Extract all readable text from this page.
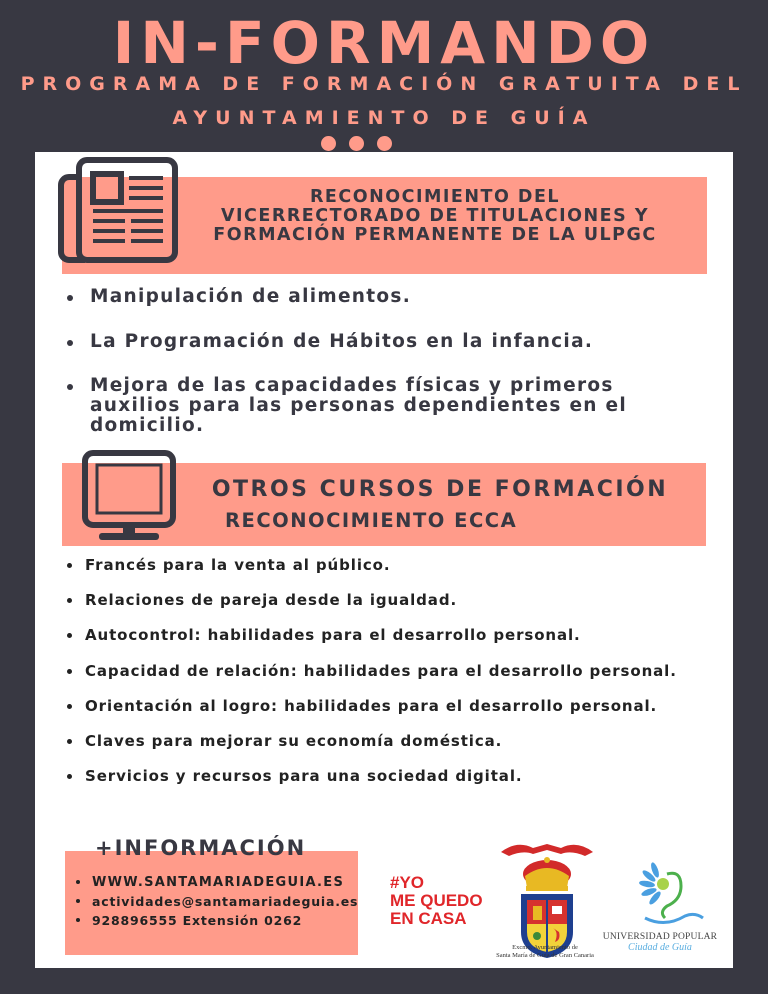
IN-FORMANDO
PROGRAMA DE FORMACIÓN GRATUITA DEL
AYUNTAMIENTO DE GUÍA
RECONOCIMIENTO DEL
VICERRECTORADO DE TITULACIONES Y
FORMACIÓN PERMANENTE DE LA ULPGC
Manipulación de alimentos.
La Programación de Hábitos en la infancia.
Mejora de las capacidades físicas y primeros
auxilios para las personas dependientes en el
domicilio.
OTROS CURSOS DE FORMACIÓN
RECONOCIMIENTO ECCA
Francés para la venta al público.
Relaciones de pareja desde la igualdad.
Autocontrol: habilidades para el desarrollo personal.
Capacidad de relación: habilidades para el desarrollo personal.
Orientación al logro: habilidades para el desarrollo personal.
Claves para mejorar su economía doméstica.
Servicios y recursos para una sociedad digital.
+INFORMACIÓN
WWW.SANTAMARIADEGUIA.ES
actividades@santamariadeguia.es
928896555 Extensión 0262
#YO
ME QUEDO
EN CASA
Excmo. Ayuntamiento de
Santa María de Guía de Gran Canaria
UNIVERSIDAD POPULAR
Ciudad de Guía
